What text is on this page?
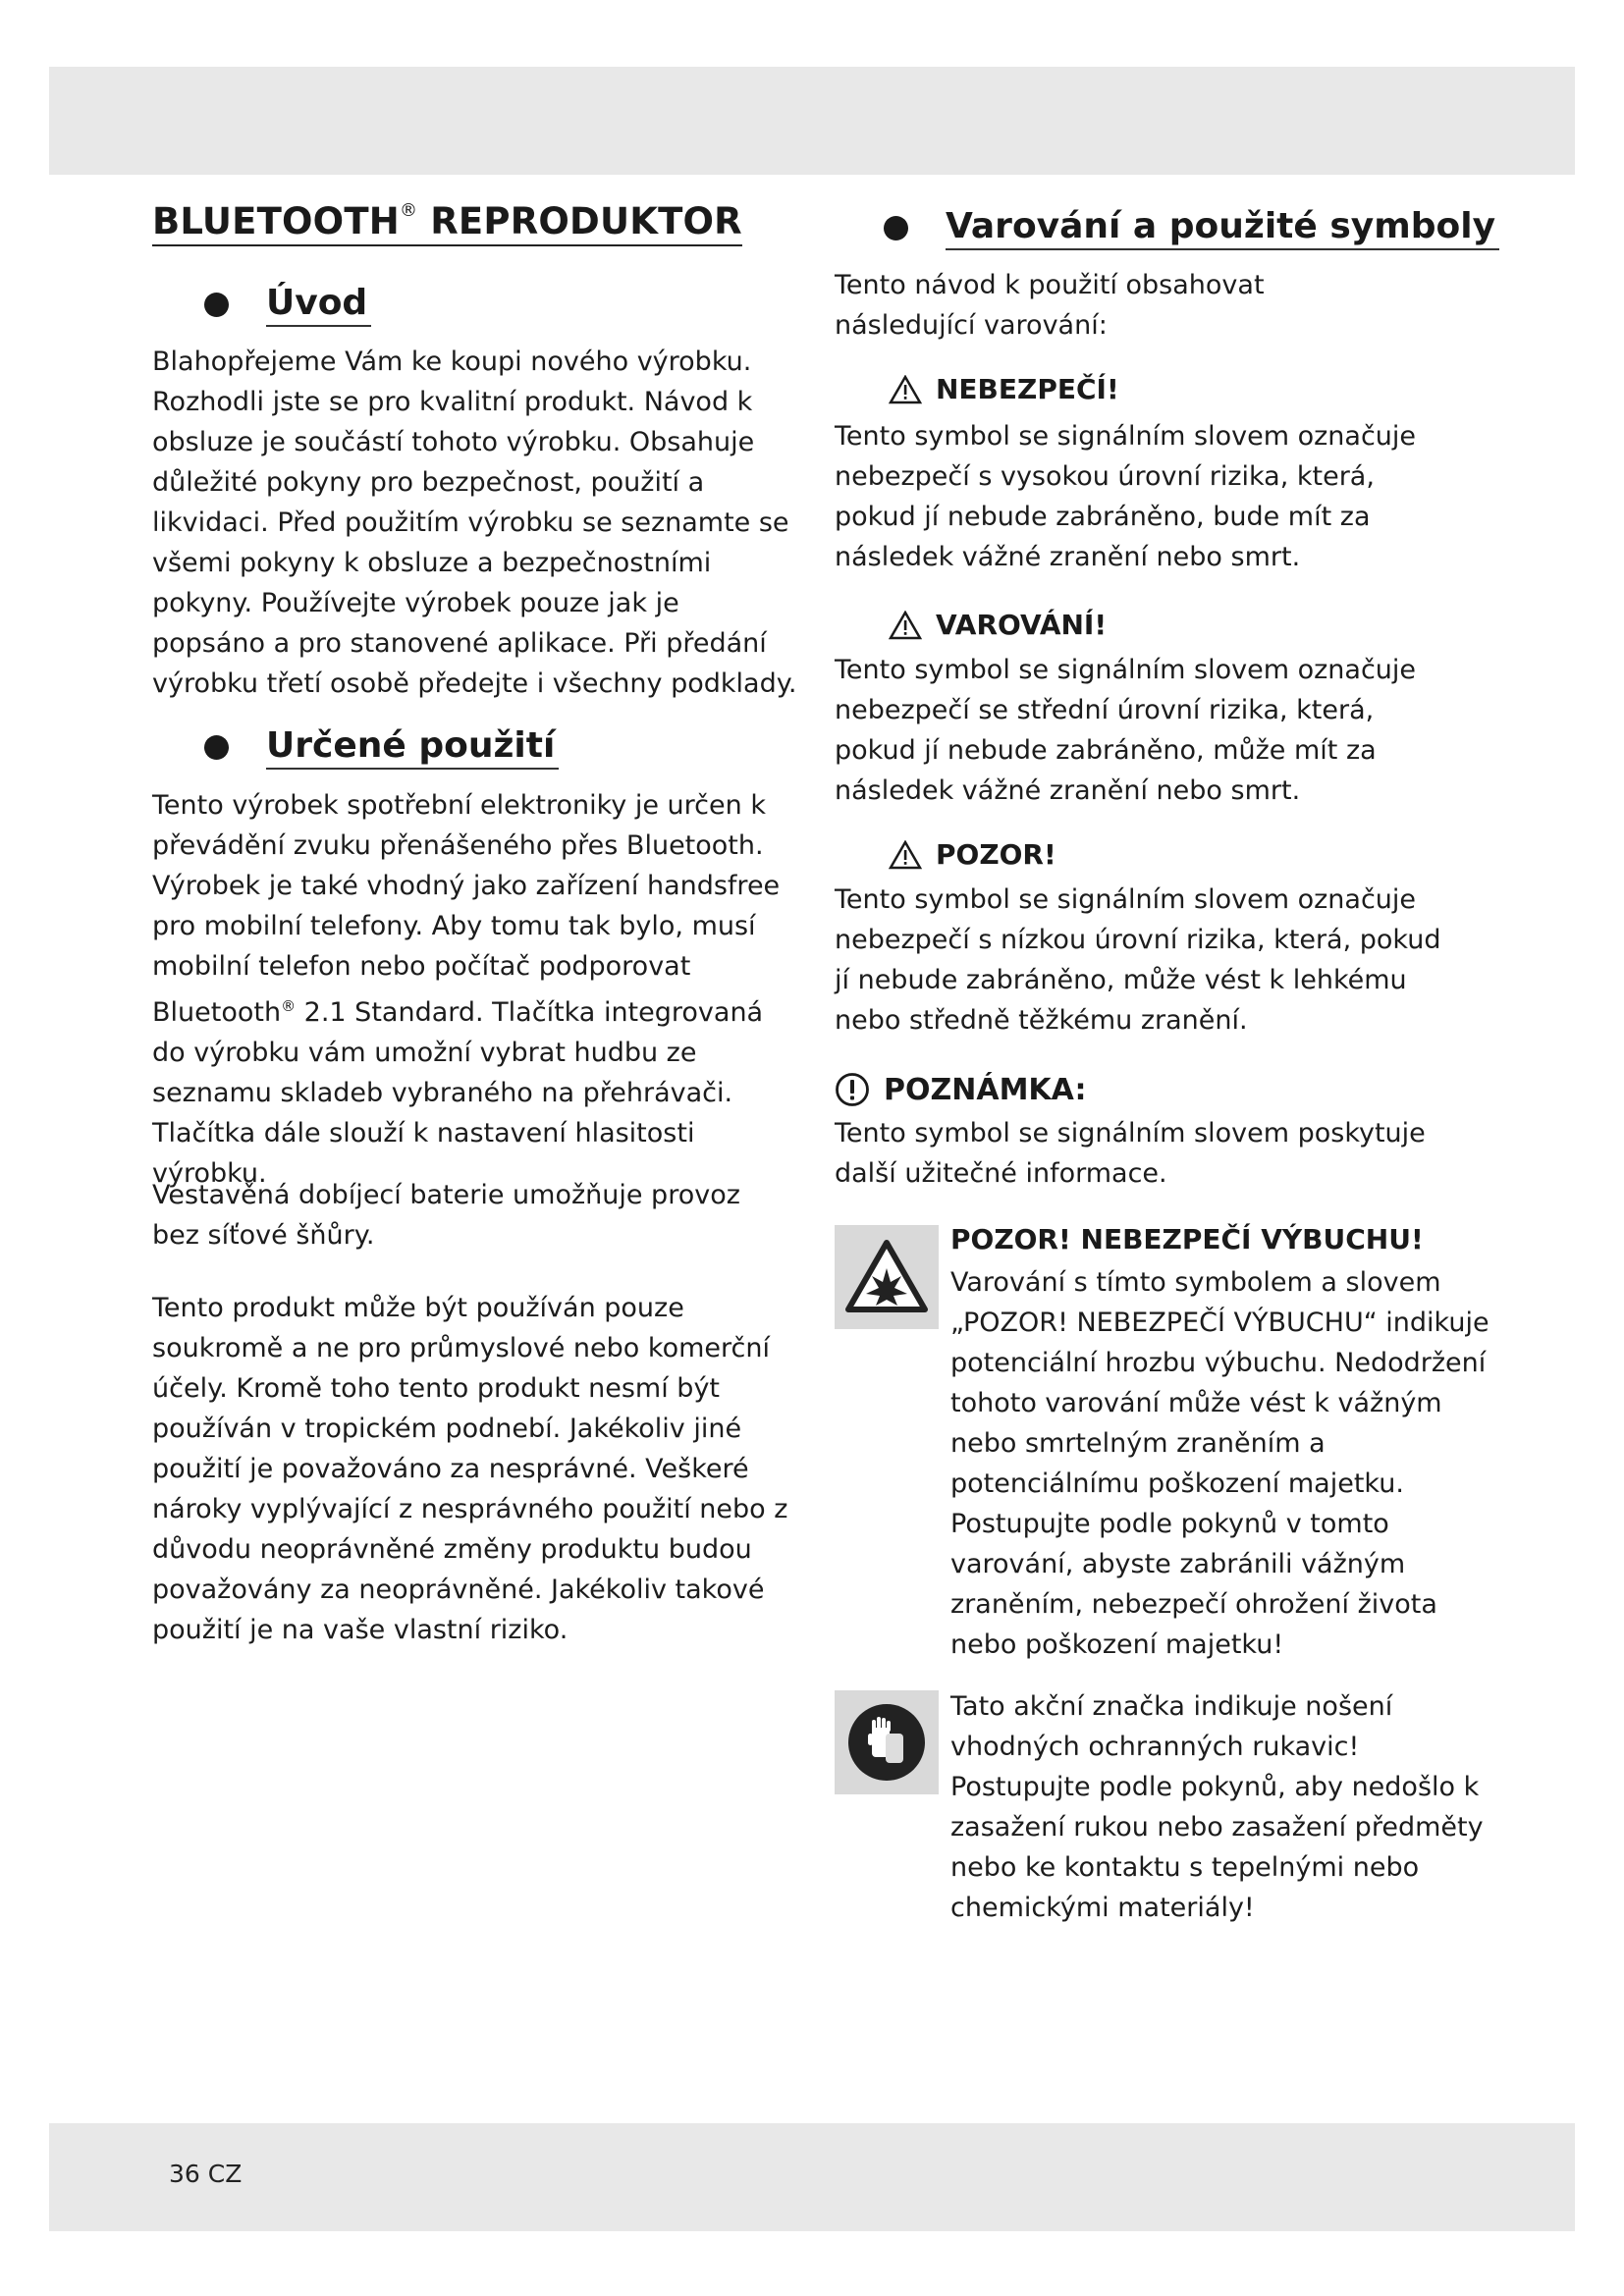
BLUETOOTH® REPRODUKTOR
Úvod

Blahopřejeme Vám ke koupi nového výrobku. Rozhodli jste se pro kvalitní produkt. Návod k obsluze je součástí tohoto výrobku. Obsahuje důležité pokyny pro bezpečnost, použití a likvidaci. Před použitím výrobku se seznamte se všemi pokyny k obsluze a bezpečnostními pokyny. Používejte výrobek pouze jak je popsáno a pro stanovené aplikace. Při předání výrobku třetí osobě předejte i všechny podklady.

Určené použití

Tento výrobek spotřební elektroniky je určen k převádění zvuku přenášeného přes Bluetooth. Výrobek je také vhodný jako zařízení handsfree pro mobilní telefony. Aby tomu tak bylo, musí mobilní telefon nebo počítač podporovat Bluetooth® 2.1 Standard. Tlačítka integrovaná do výrobku vám umožní vybrat hudbu ze seznamu skladeb vybraného na přehrávači. Tlačítka dále slouží k nastavení hlasitosti výrobku.

Vestavěná dobíjecí baterie umožňuje provoz bez síťové šňůry.

Tento produkt může být používán pouze soukromě a ne pro průmyslové nebo komerční účely. Kromě toho tento produkt nesmí být používán v tropickém podnebí. Jakékoliv jiné použití je považováno za nesprávné. Veškeré nároky vyplývající z nesprávného použití nebo z důvodu neoprávněné změny produktu budou považovány za neoprávněné. Jakékoliv takové použití je na vaše vlastní riziko.

Varování a použité symboly

Tento návod k použití obsahovat následující varování:

NEBEZPEČÍ!

Tento symbol se signálním slovem označuje nebezpečí s vysokou úrovní rizika, která, pokud jí nebude zabráněno, bude mít za následek vážné zranění nebo smrt.

VAROVÁNÍ!

Tento symbol se signálním slovem označuje nebezpečí se střední úrovní rizika, která, pokud jí nebude zabráněno, může mít za následek vážné zranění nebo smrt.

POZOR!

Tento symbol se signálním slovem označuje nebezpečí s nízkou úrovní rizika, která, pokud jí nebude zabráněno, může vést k lehkému nebo středně těžkému zranění.

POZNÁMKA:

Tento symbol se signálním slovem poskytuje další užitečné informace.

POZOR! NEBEZPEČÍ VÝBUCHU!

Varování s tímto symbolem a slovem „POZOR! NEBEZPEČÍ VÝBUCHU“ indikuje potenciální hrozbu výbuchu. Nedodržení tohoto varování může vést k vážným nebo smrtelným zraněním a potenciálnímu poškození majetku. Postupujte podle pokynů v tomto varování, abyste zabránili vážným zraněním, nebezpečí ohrožení života nebo poškození majetku!

Tato akční značka indikuje nošení vhodných ochranných rukavic! Postupujte podle pokynů, aby nedošlo k zasažení rukou nebo zasažení předměty nebo ke kontaktu s tepelnými nebo chemickými materiály!

36 CZ
